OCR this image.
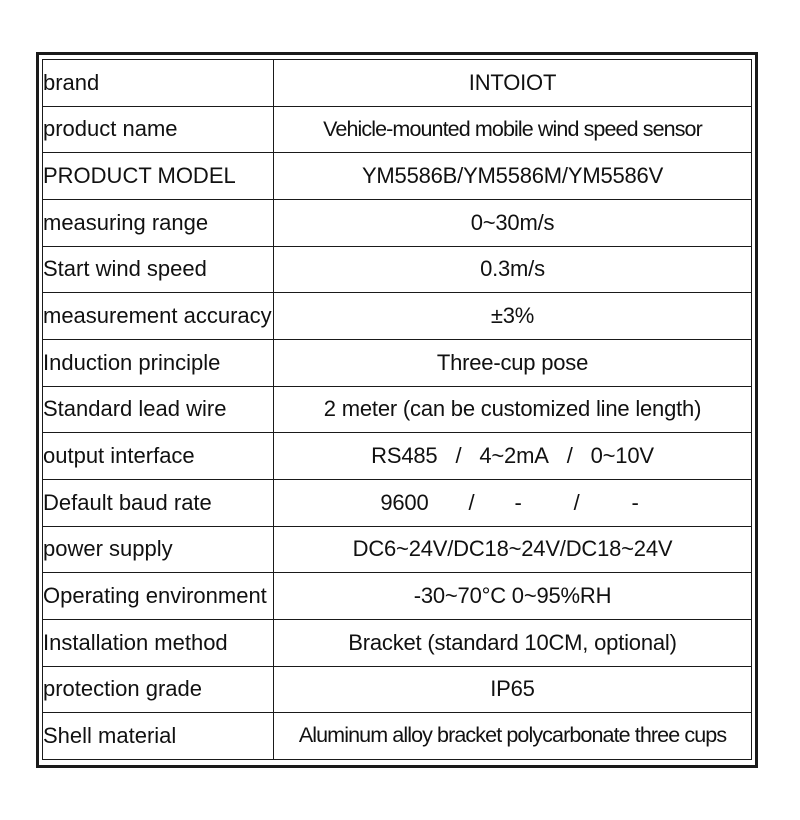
brand	INTOIOT
product name	Vehicle-mounted mobile wind speed sensor
PRODUCT MODEL	YM5586B/YM5586M/YM5586V
measuring range	0~30m/s
Start wind speed	0.3m/s
measurement accuracy	±3%
Induction principle	Three-cup pose
Standard lead wire	2 meter (can be customized line length)
output interface	RS485 / 4~2mA / 0~10V
Default baud rate	9600 / - / -
power supply	DC6~24V/DC18~24V/DC18~24V
Operating environment	-30~70°C 0~95%RH
Installation method	Bracket (standard 10CM, optional)
protection grade	IP65
Shell material	Aluminum alloy bracket polycarbonate three cups
